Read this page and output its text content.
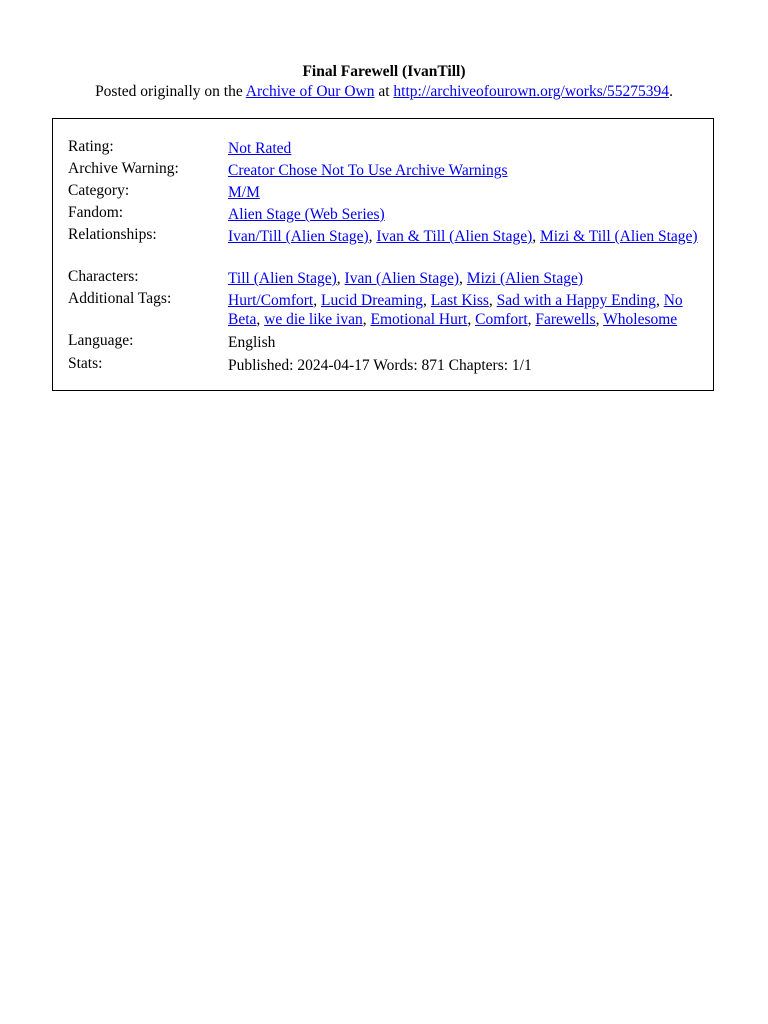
Final Farewell (IvanTill)

Posted originally on the Archive of Our Own at http://archiveofourown.org/works/55275394.

Rating:	Not Rated
Archive Warning:	Creator Chose Not To Use Archive Warnings
Category:	M/M
Fandom:	Alien Stage (Web Series)
Relationships:	Ivan/Till (Alien Stage), Ivan & Till (Alien Stage), Mizi & Till (Alien Stage)
Characters:	Till (Alien Stage), Ivan (Alien Stage), Mizi (Alien Stage)
Additional Tags:	Hurt/Comfort, Lucid Dreaming, Last Kiss, Sad with a Happy Ending, No Beta, we die like ivan, Emotional Hurt, Comfort, Farewells, Wholesome
Language:	English
Stats:	Published: 2024-04-17 Words: 871 Chapters: 1/1
